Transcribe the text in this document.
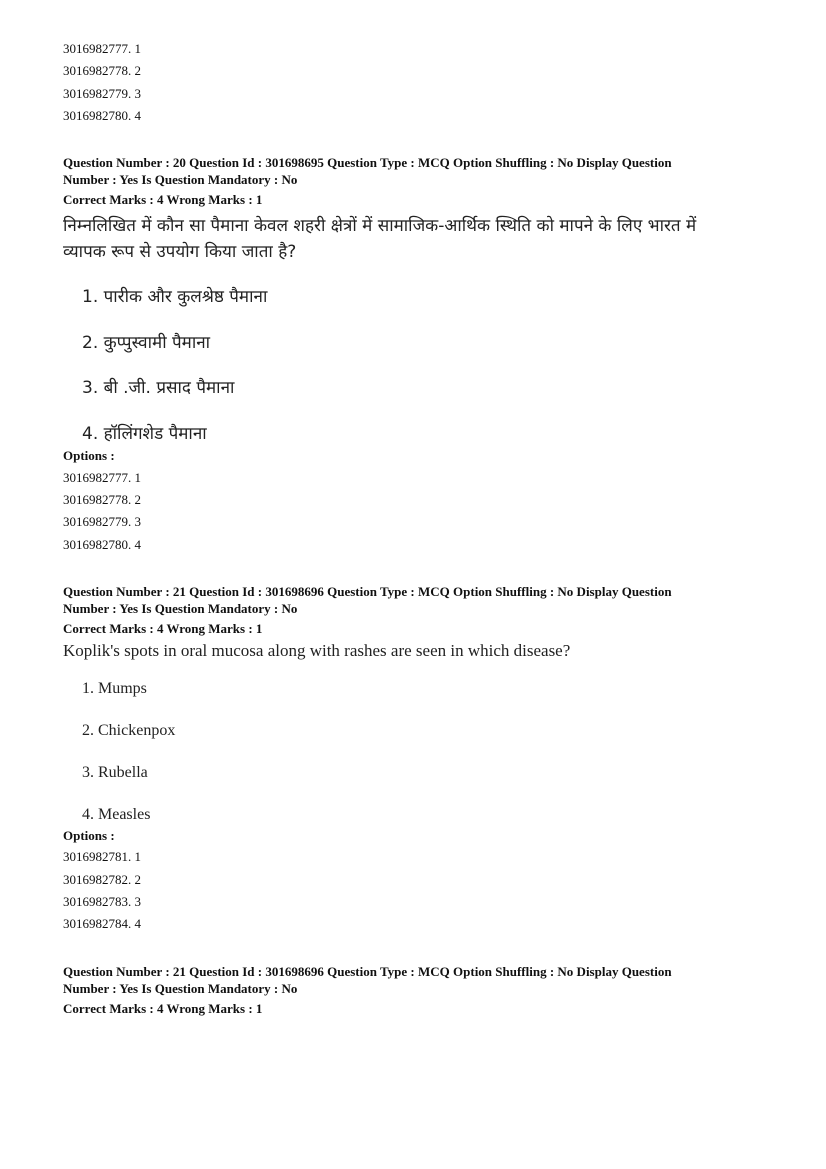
3016982777. 1
3016982778. 2
3016982779. 3
3016982780. 4
Question Number : 20 Question Id : 301698695 Question Type : MCQ Option Shuffling : No Display Question
Number : Yes Is Question Mandatory : No
Correct Marks : 4 Wrong Marks : 1
निम्नलिखित में कौन सा पैमाना केवल शहरी क्षेत्रों में सामाजिक-आर्थिक स्थिति को मापने के लिए भारत में
व्यापक रूप से उपयोग किया जाता है?
1. पारीक और कुलश्रेष्ठ पैमाना
2. कुप्पुस्वामी पैमाना
3. बी .जी. प्रसाद पैमाना
4. हॉलिंगशेड पैमाना
Options :
3016982777. 1
3016982778. 2
3016982779. 3
3016982780. 4
Question Number : 21 Question Id : 301698696 Question Type : MCQ Option Shuffling : No Display Question
Number : Yes Is Question Mandatory : No
Correct Marks : 4 Wrong Marks : 1
Koplik's spots in oral mucosa along with rashes are seen in which disease?
1. Mumps
2. Chickenpox
3. Rubella
4. Measles
Options :
3016982781. 1
3016982782. 2
3016982783. 3
3016982784. 4
Question Number : 21 Question Id : 301698696 Question Type : MCQ Option Shuffling : No Display Question
Number : Yes Is Question Mandatory : No
Correct Marks : 4 Wrong Marks : 1
